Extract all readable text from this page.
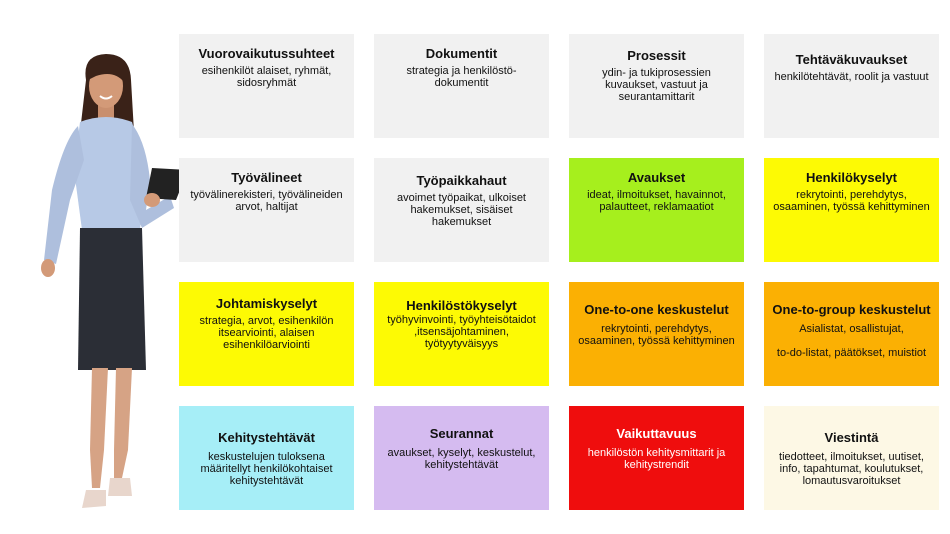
Vuorovaikutussuhteet
esihenkilöt alaiset, ryhmät,
sidosryhmät
Dokumentit
strategia ja henkilöstö-
dokumentit
Prosessit
ydin- ja tukiprosessien
kuvaukset, vastuut ja
seurantamittarit
Tehtäväkuvaukset
henkilötehtävät, roolit ja vastuut
Työvälineet
työvälinerekisteri, työvälineiden
arvot, haltijat
Työpaikkahaut
avoimet työpaikat, ulkoiset
hakemukset, sisäiset
hakemukset
Avaukset
ideat, ilmoitukset, havainnot,
palautteet, reklamaatiot
Henkilökyselyt
rekrytointi, perehdytys,
osaaminen, työssä kehittyminen
Johtamiskyselyt
strategia, arvot, esihenkilön
itsearviointi, alaisen
esihenkilöarviointi
Henkilöstökyselyt
työhyvinvointi, työyhteisötaidot
,itsensäjohtaminen,
työtyytyväisyys
One-to-one keskustelut
rekrytointi, perehdytys,
osaaminen, työssä kehittyminen
One-to-group keskustelut
Asialistat, osallistujat,

to-do-listat, päätökset, muistiot
Kehitystehtävät
keskustelujen tuloksena
määritellyt henkilökohtaiset
kehitystehtävät
Seurannat
avaukset, kyselyt, keskustelut,
kehitystehtävät
Vaikuttavuus
henkilöstön kehitysmittarit ja
kehitystrendit
Viestintä
tiedotteet, ilmoitukset, uutiset,
info, tapahtumat, koulutukset,
lomautusvaroitukset
